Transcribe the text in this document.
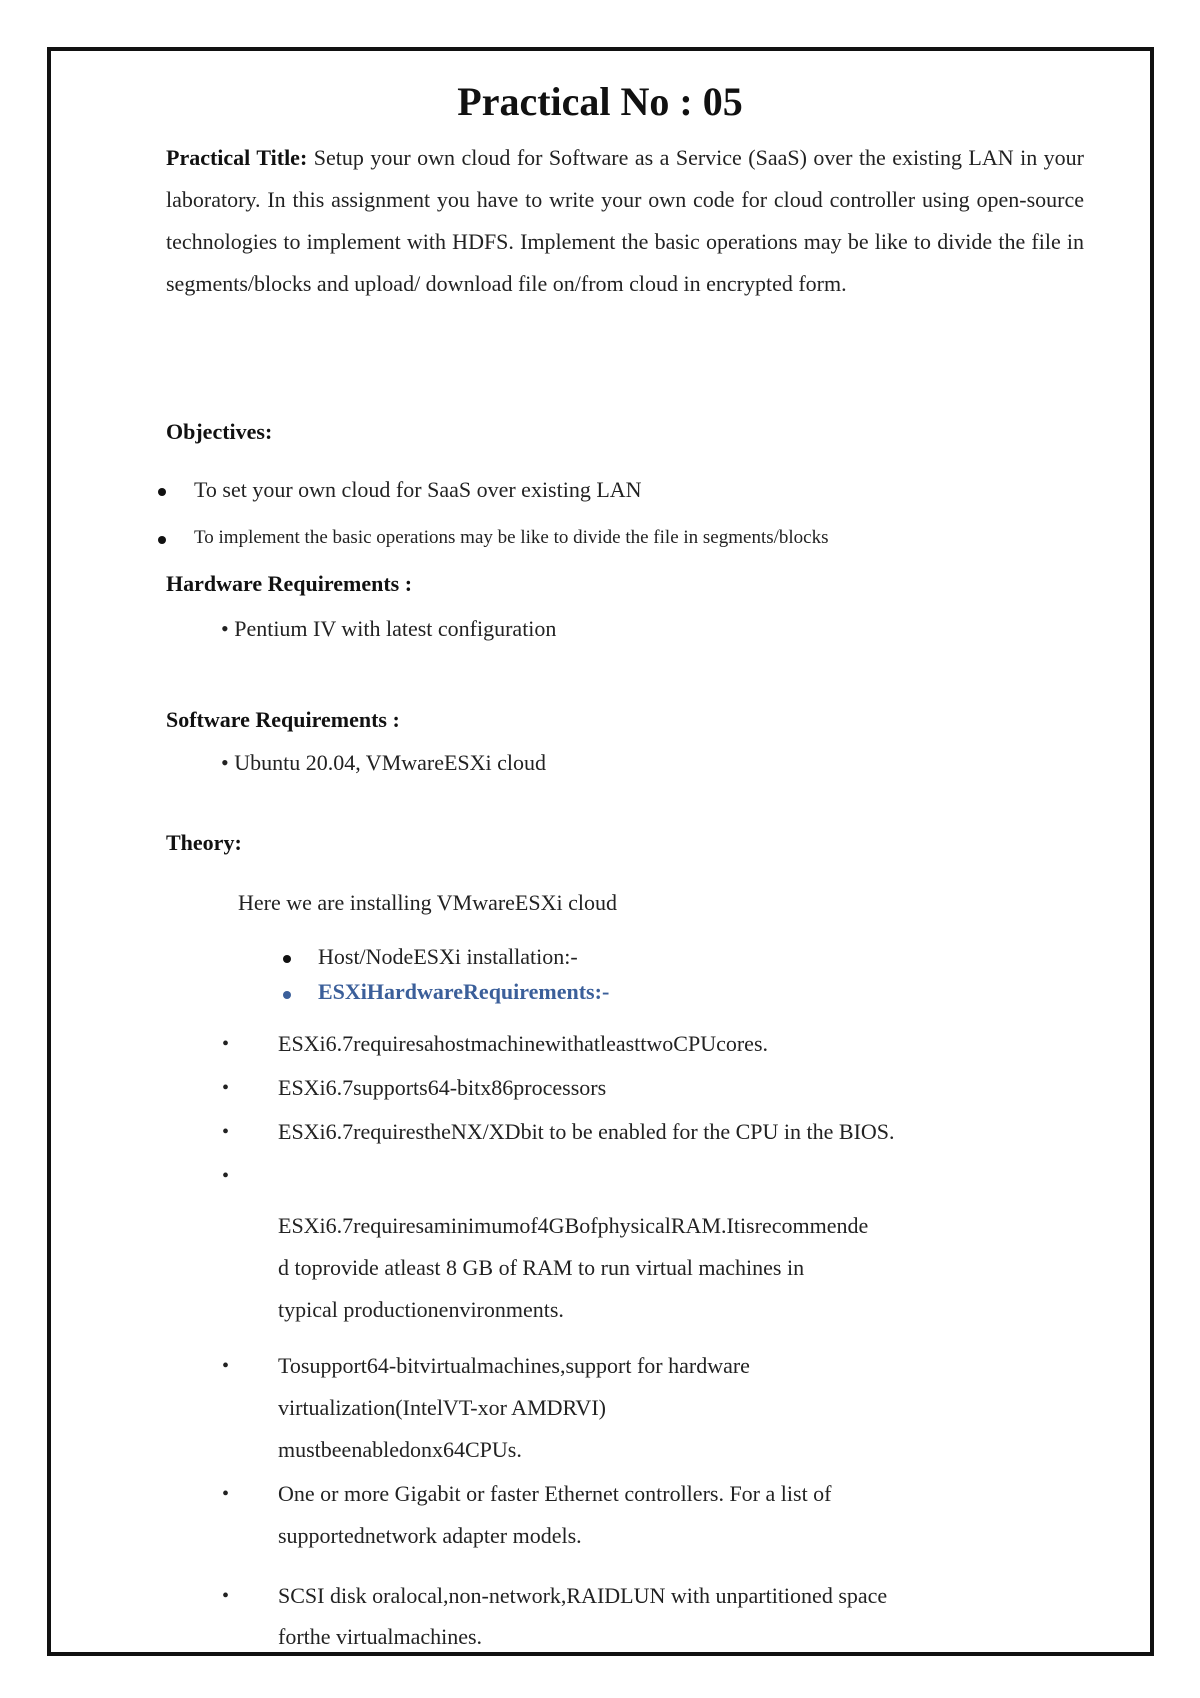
Practical No : 05
Practical Title: Setup your own cloud for Software as a Service (SaaS) over the existing LAN in your laboratory. In this assignment you have to write your own code for cloud controller using open-source technologies to implement with HDFS. Implement the basic operations may be like to divide the file in segments/blocks and upload/ download file on/from cloud in encrypted form.
Objectives:
To set your own cloud for SaaS over existing LAN
To implement the basic operations may be like to divide the file in segments/blocks
Hardware Requirements :
• Pentium IV with latest configuration
Software Requirements :
• Ubuntu 20.04, VMwareESXi cloud
Theory:
Here we are installing VMwareESXi cloud
Host/NodeESXi installation:-
ESXiHardwareRequirements:-
• ESXi6.7requiresahostmachinewithatleasttwoCPUcores.
• ESXi6.7supports64-bitx86processors
• ESXi6.7requirestheNX/XDbit to be enabled for the CPU in the BIOS.
•
ESXi6.7requiresaminimumof4GBofphysicalRAM.Itisrecommende
d toprovide atleast 8 GB of RAM to run virtual machines in
typical productionenvironments.
• Tosupport64-bitvirtualmachines,support for hardware
virtualization(IntelVT-xor AMDRVI)
mustbeenabledonx64CPUs.
• One or more Gigabit or faster Ethernet controllers. For a list of
supportednetwork adapter models.
• SCSI disk oralocal,non-network,RAIDLUN with unpartitioned space
forthe virtualmachines.
